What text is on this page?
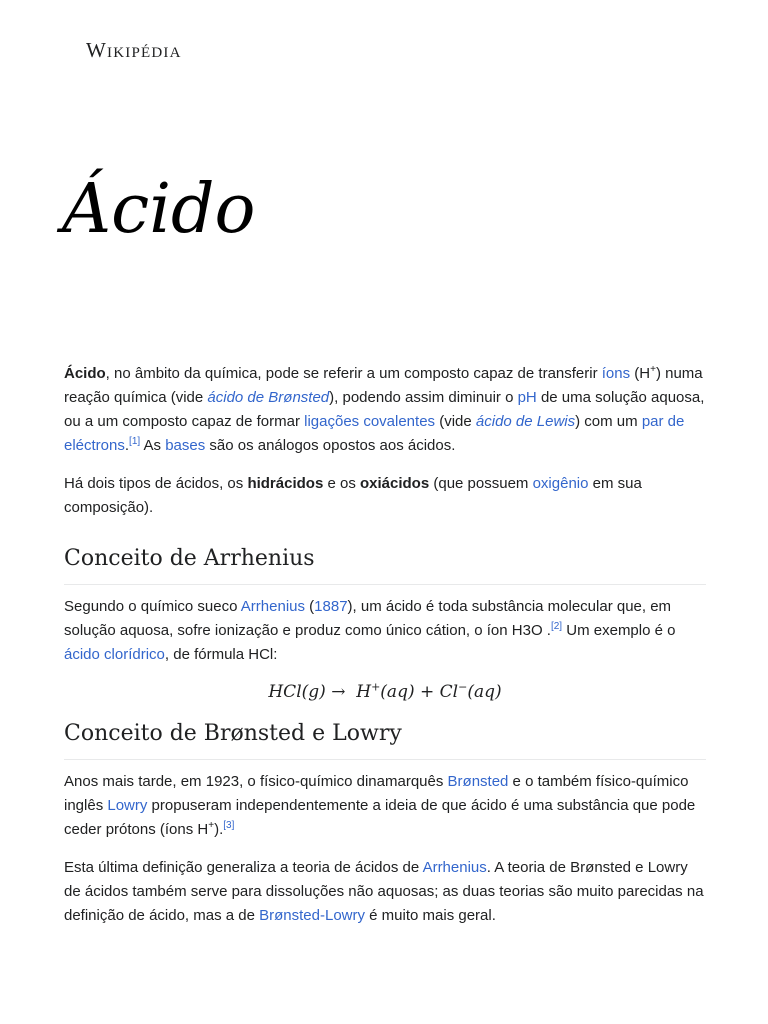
Wikipédia
Ácido

Ácido, no âmbito da química, pode se referir a um composto capaz de transferir íons (H+) numa reação química (vide ácido de Brønsted), podendo assim diminuir o pH de uma solução aquosa, ou a um composto capaz de formar ligações covalentes (vide ácido de Lewis) com um par de eléctrons.[1] As bases são os análogos opostos aos ácidos.

Há dois tipos de ácidos, os hidrácidos e os oxiácidos (que possuem oxigênio em sua composição).

Conceito de Arrhenius

Segundo o químico sueco Arrhenius (1887), um ácido é toda substância molecular que, em solução aquosa, sofre ionização e produz como único cátion, o íon H3O .[2] Um exemplo é o ácido clorídrico, de fórmula HCl:

HCl(g) → H+(aq) + Cl−(aq)
Conceito de Brønsted e Lowry

Anos mais tarde, em 1923, o físico-químico dinamarquês Brønsted e o também físico-químico inglês Lowry propuseram independentemente a ideia de que ácido é uma substância que pode ceder prótons (íons H+).[3]

Esta última definição generaliza a teoria de ácidos de Arrhenius. A teoria de Brønsted e Lowry de ácidos também serve para dissoluções não aquosas; as duas teorias são muito parecidas na definição de ácido, mas a de Brønsted-Lowry é muito mais geral.
